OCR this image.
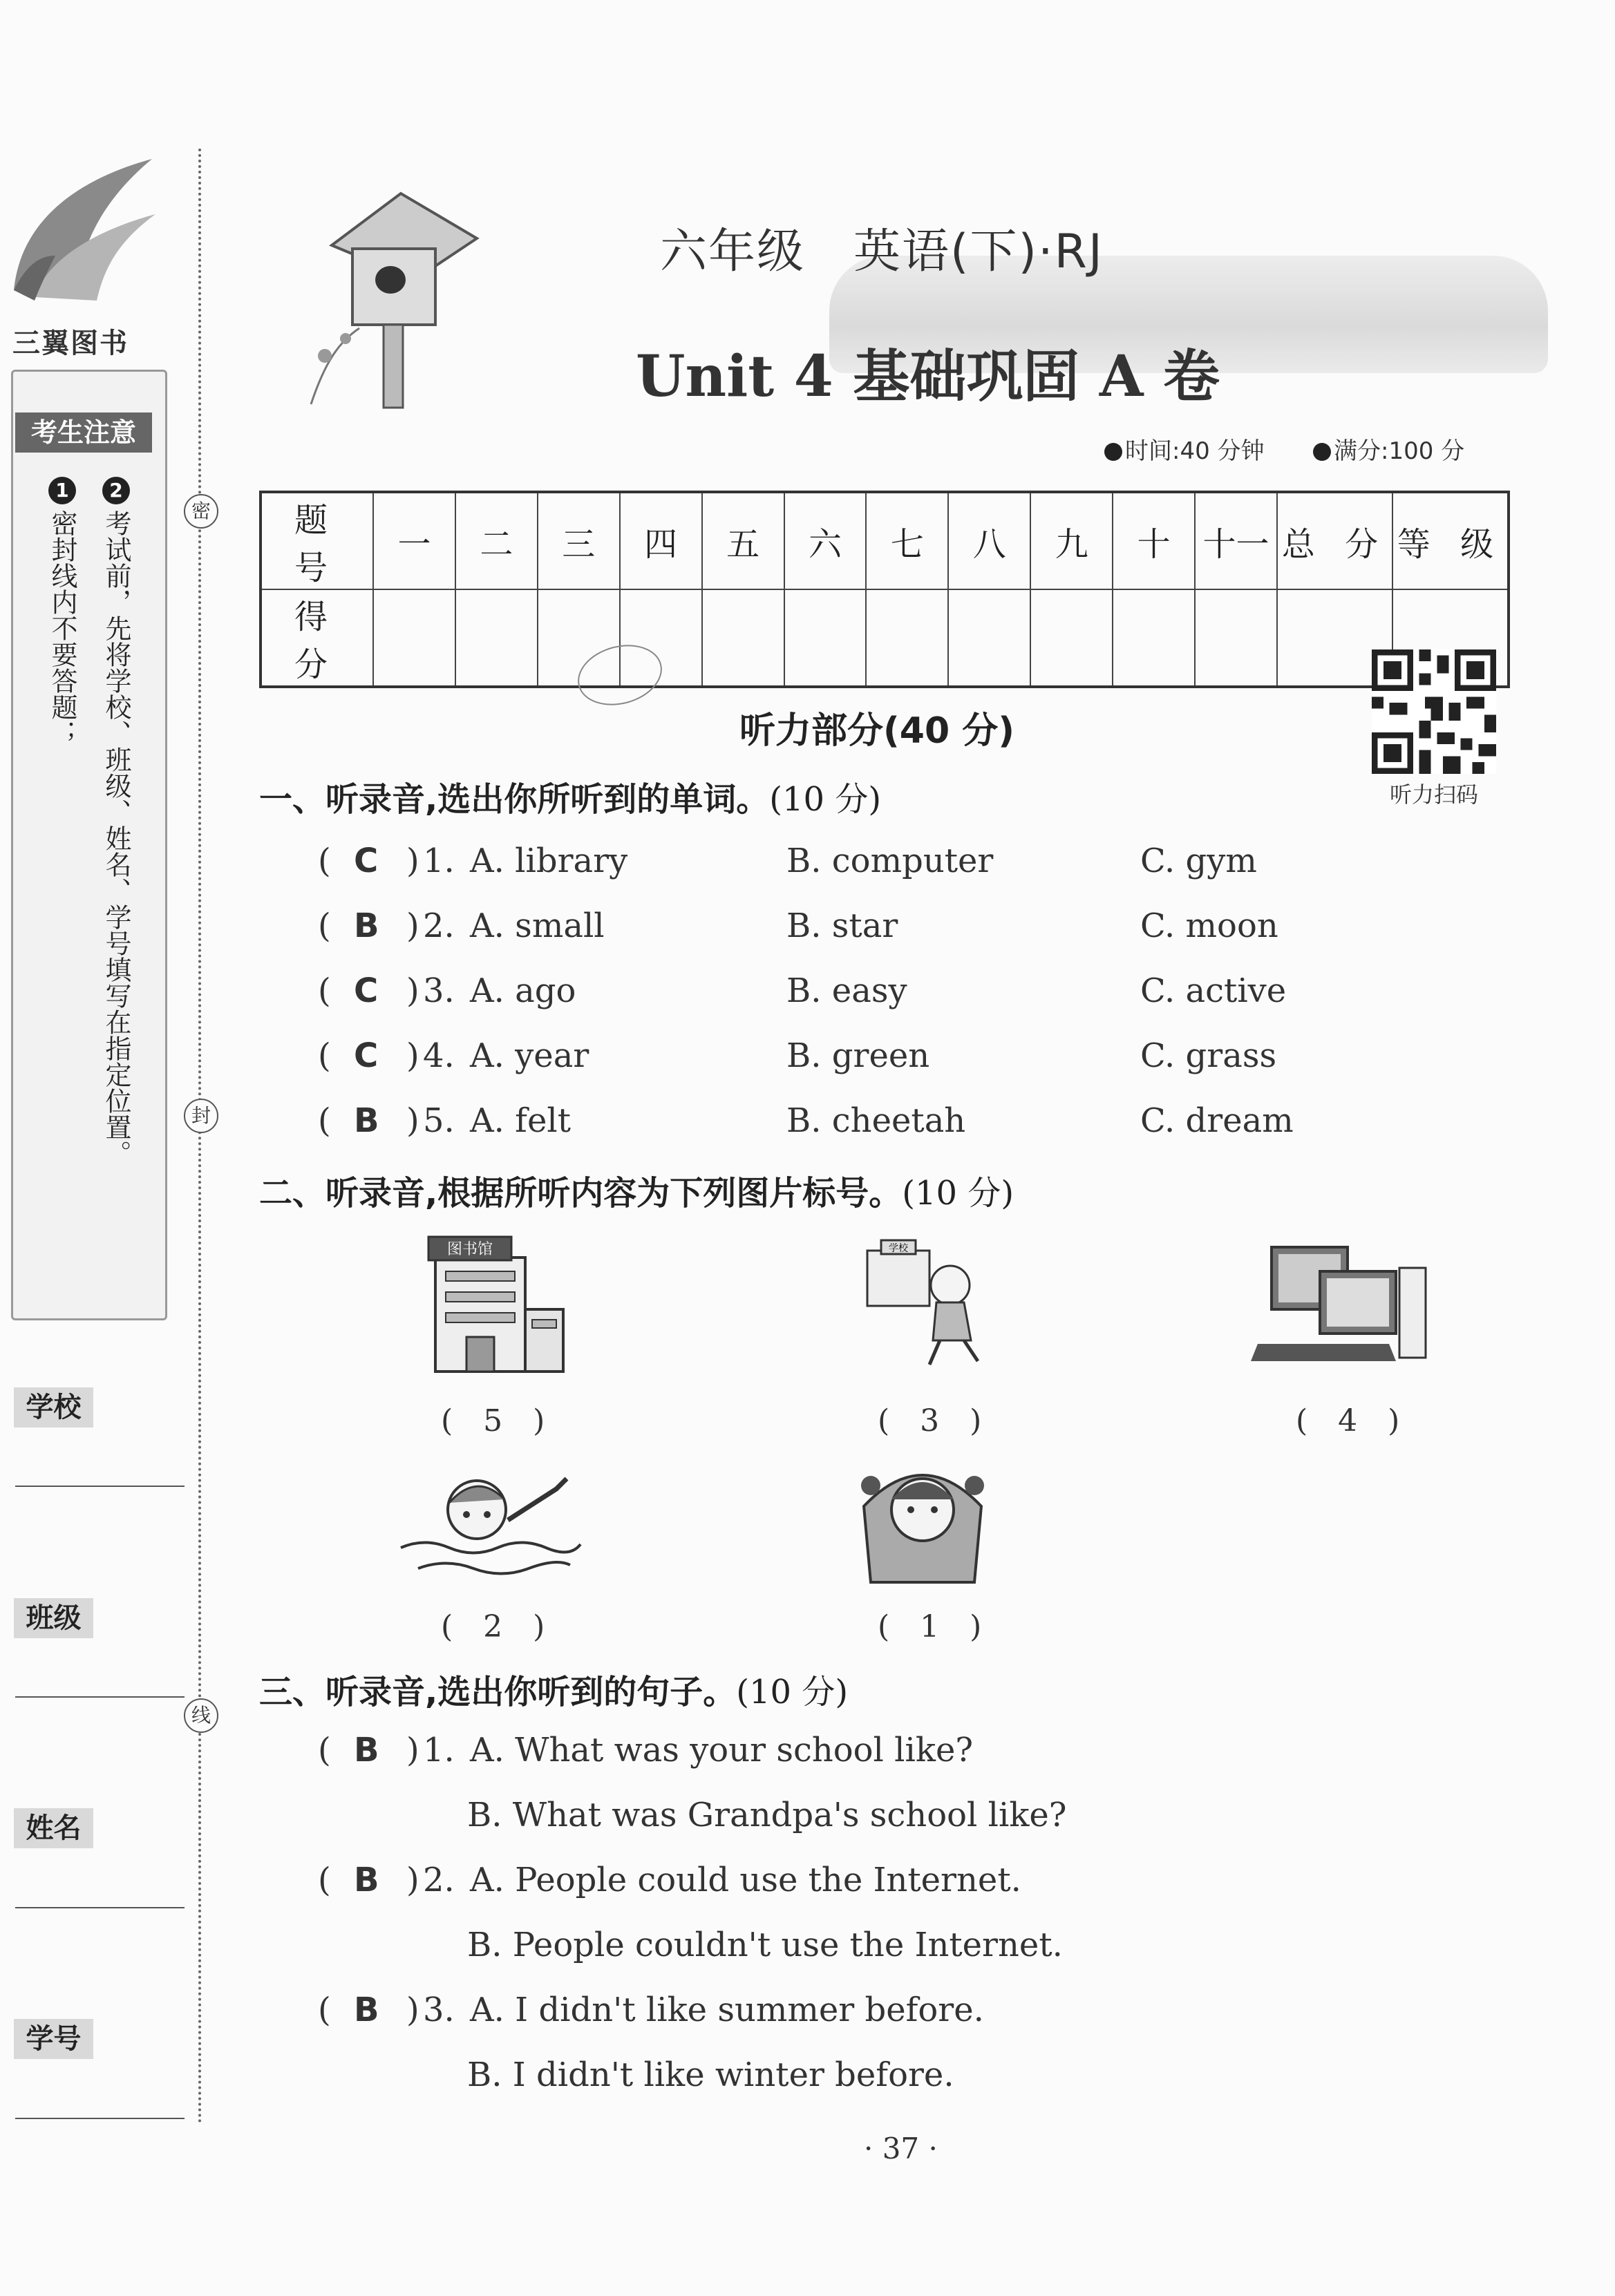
三翼图书
考生注意
1密封线内不要答题；
2考试前，先将学校、班级、姓名、学号填写在指定位置。
学校
班级
姓名
学号
密
封
线
六年级　英语(下)·RJ
Unit 4 基础巩固 A 卷
时间:40 分钟	满分:100 分
题 号	一	二	三	四	五	六	七	八	九	十	十一	总 分	等 级
得 分													
听力扫码
听力部分(40 分)
一、听录音,选出你所听到的单词。(10 分)
( C ) 1. A. library	B. computer	C. gym
( B ) 2. A. small	B. star	C. moon
( C ) 3. A. ago	B. easy	C. active
( C ) 4. A. year	B. green	C. grass
( B ) 5. A. felt	B. cheetah	C. dream
二、听录音,根据所听内容为下列图片标号。(10 分)
图书馆
(　5　)
学校
(　3　)	(　4　)
(　2　)	(　1　)
三、听录音,选出你听到的句子。(10 分)
( B ) 1. A. What was your school like?
B. What was Grandpa's school like?
( B ) 2. A. People could use the Internet.
B. People couldn't use the Internet.
( B ) 3. A. I didn't like summer before.
B. I didn't like winter before.
· 37 ·
